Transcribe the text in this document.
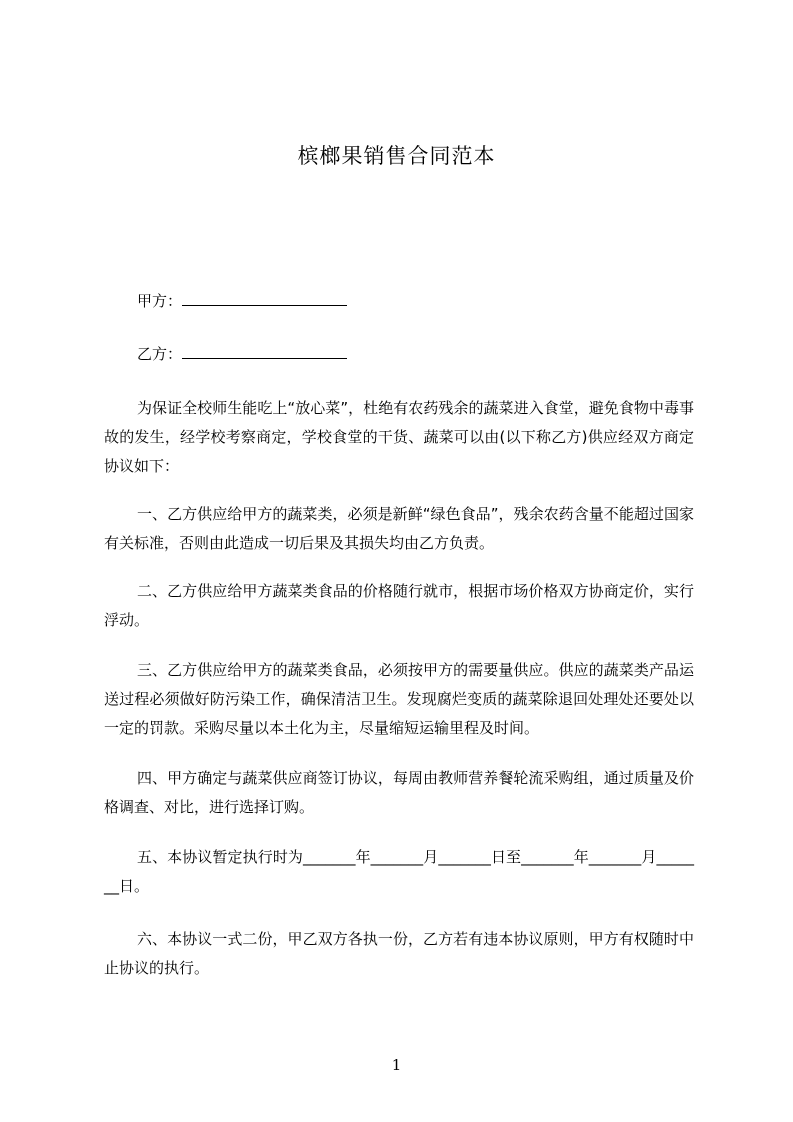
槟榔果销售合同范本
甲方：
乙方：
为保证全校师生能吃上“放心菜”，杜绝有农药残余的蔬菜进入食堂，避免食物中毒事故的发生，经学校考察商定，学校食堂的干货、蔬菜可以由(以下称乙方)供应经双方商定协议如下：
一、乙方供应给甲方的蔬菜类，必须是新鲜“绿色食品”，残余农药含量不能超过国家有关标准，否则由此造成一切后果及其损失均由乙方负责。
二、乙方供应给甲方蔬菜类食品的价格随行就市，根据市场价格双方协商定价，实行浮动。
三、乙方供应给甲方的蔬菜类食品，必须按甲方的需要量供应。供应的蔬菜类产品运送过程必须做好防污染工作，确保清洁卫生。发现腐烂变质的蔬菜除退回处理处还要处以一定的罚款。采购尽量以本土化为主，尽量缩短运输里程及时间。
四、甲方确定与蔬菜供应商签订协议，每周由教师营养餐轮流采购组，通过质量及价格调查、对比，进行选择订购。
五、本协议暂定执行时为_______年_______月_______日至_______年_______月_______日。
六、本协议一式二份，甲乙双方各执一份，乙方若有违本协议原则，甲方有权随时中止协议的执行。
1
